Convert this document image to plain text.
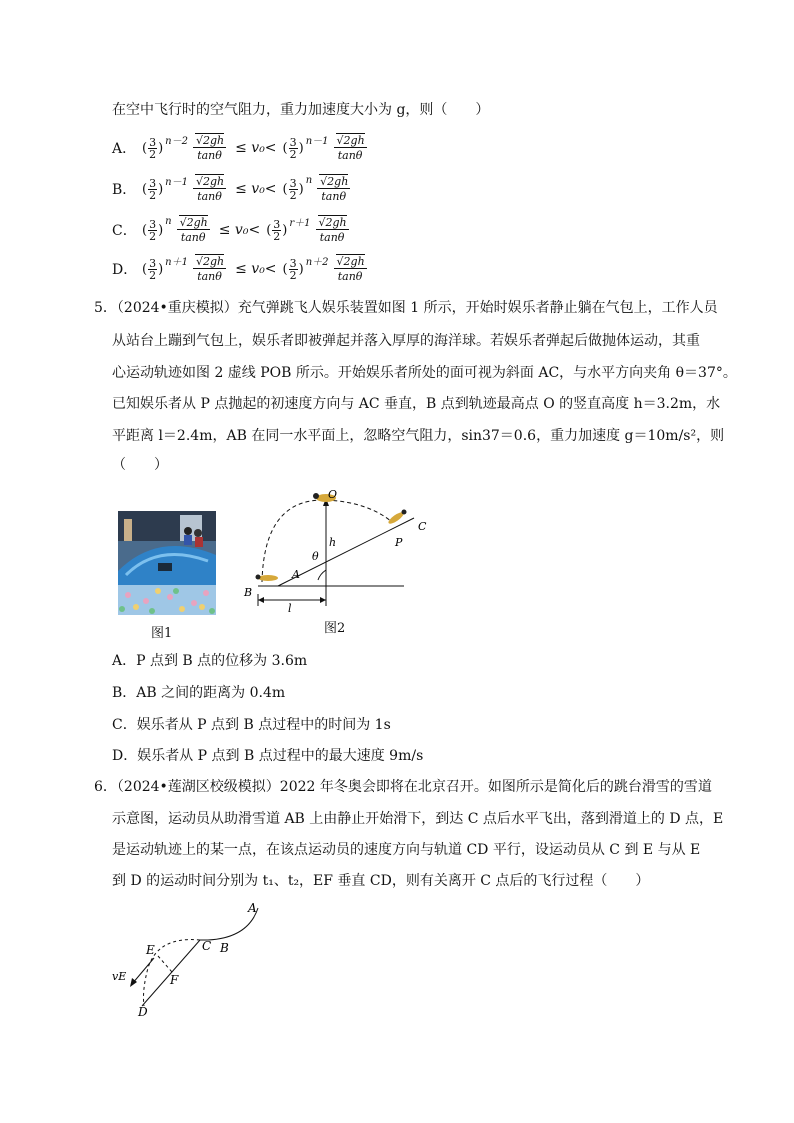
在空中飞行时的空气阻力，重力加速度大小为 g，则（　　）
A． ( $\frac{3}{2}$ ) $n-2 \frac{√2gh}{\tan\theta} \le v_0<$ ( $\frac{3}{2}$ ) $n-1 \frac{√2gh}{\tan\theta}$
B． ( $\frac{3}{2}$ ) $n-1 \frac{√2gh}{\tan\theta} \le v_0<$ ( $\frac{3}{2}$ )
n $\frac{√2gh}{\tan\theta}$
C． ( $\frac{3}{2}$ )
n $\frac{√2gh}{\tan\theta} \le v_0<$ ( $\frac{3}{2}$ ) $r+1 \frac{√2gh}{\tan\theta}$
D． ( $\frac{3}{2}$ ) $n+1 \frac{√2gh}{\tan\theta} \le v_0<$ ( $\frac{3}{2}$ ) $n+2 \frac{√2gh}{\tan\theta}$
5．（2024•重庆模拟）充气弹跳飞人娱乐装置如图 1 所示，开始时娱乐者静止躺在气包上，工作人员
从站台上蹦到气包上，娱乐者即被弹起并落入厚厚的海洋球。若娱乐者弹起后做抛体运动，其重
心运动轨迹如图 2 虚线 POB 所示。开始娱乐者所处的面可视为斜面 AC，与水平方向夹角 θ＝37°。
已知娱乐者从 P 点抛起的初速度方向与 AC 垂直，B 点到轨迹最高点 O 的竖直高度 h＝3.2m，水
平距离 l＝2.4m，AB 在同一水平面上，忽略空气阻力，sin37＝0.6，重力加速度 g＝10m/s²，则
（　　）
图1
O
C
P
h
θ
A
B
l
图2
A．P 点到 B 点的位移为 3.6m
B．AB 之间的距离为 0.4m
C．娱乐者从 P 点到 B 点过程中的时间为 1s
D．娱乐者从 P 点到 B 点过程中的最大速度 9m/s
6．（2024•莲湖区校级模拟）2022 年冬奥会即将在北京召开。如图所示是简化后的跳台滑雪的雪道
示意图，运动员从助滑雪道 AB 上由静止开始滑下，到达 C 点后水平飞出，落到滑道上的 D 点，E
是运动轨迹上的某一点，在该点运动员的速度方向与轨道 CD 平行，设运动员从 C 到 E 与从 E
到 D 的运动时间分别为 t₁、t₂，EF 垂直 CD，则有关离开 C 点后的飞行过程（　　）
A
B
C
E
F
D
vE
